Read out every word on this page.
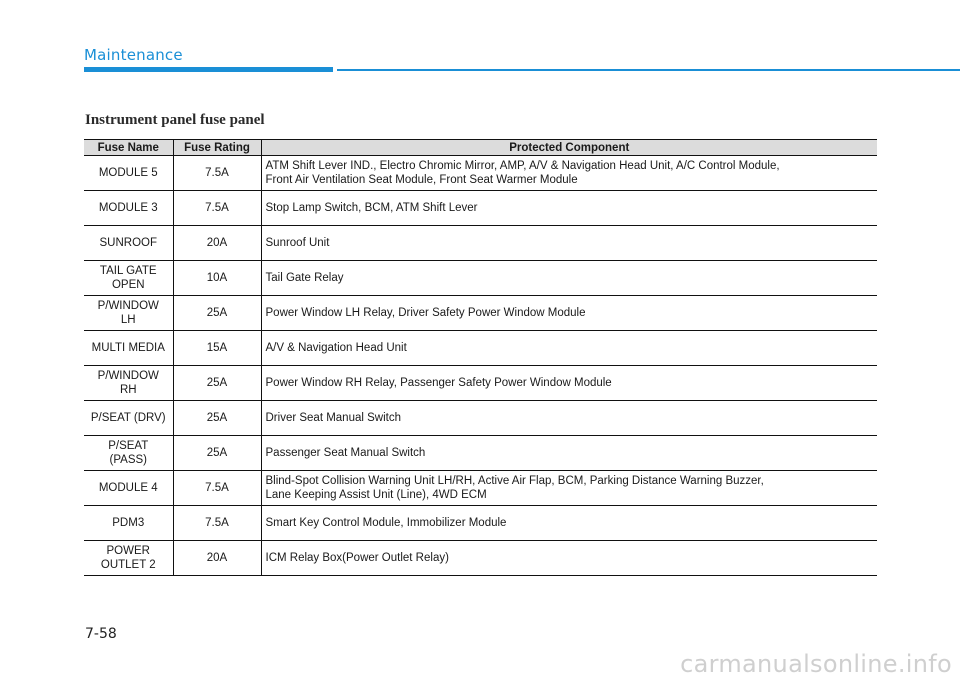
Maintenance
Instrument panel fuse panel
Fuse Name	Fuse Rating	Protected Component

MODULE 5	7.5A	ATM Shift Lever IND., Electro Chromic Mirror, AMP, A/V & Navigation Head Unit, A/C Control Module,
Front Air Ventilation Seat Module, Front Seat Warmer Module

MODULE 3	7.5A	Stop Lamp Switch, BCM, ATM Shift Lever

SUNROOF	20A	Sunroof Unit

TAIL GATE
OPEN	10A	Tail Gate Relay

P/WINDOW
LH	25A	Power Window LH Relay, Driver Safety Power Window Module

MULTI MEDIA	15A	A/V & Navigation Head Unit

P/WINDOW
RH	25A	Power Window RH Relay, Passenger Safety Power Window Module

P/SEAT (DRV)	25A	Driver Seat Manual Switch

P/SEAT
(PASS)	25A	Passenger Seat Manual Switch

MODULE 4	7.5A	Blind-Spot Collision Warning Unit LH/RH, Active Air Flap, BCM, Parking Distance Warning Buzzer,
Lane Keeping Assist Unit (Line), 4WD ECM

PDM3	7.5A	Smart Key Control Module, Immobilizer Module

POWER
OUTLET 2	20A	ICM Relay Box(Power Outlet Relay)
7-58
carmanualsonline.info
